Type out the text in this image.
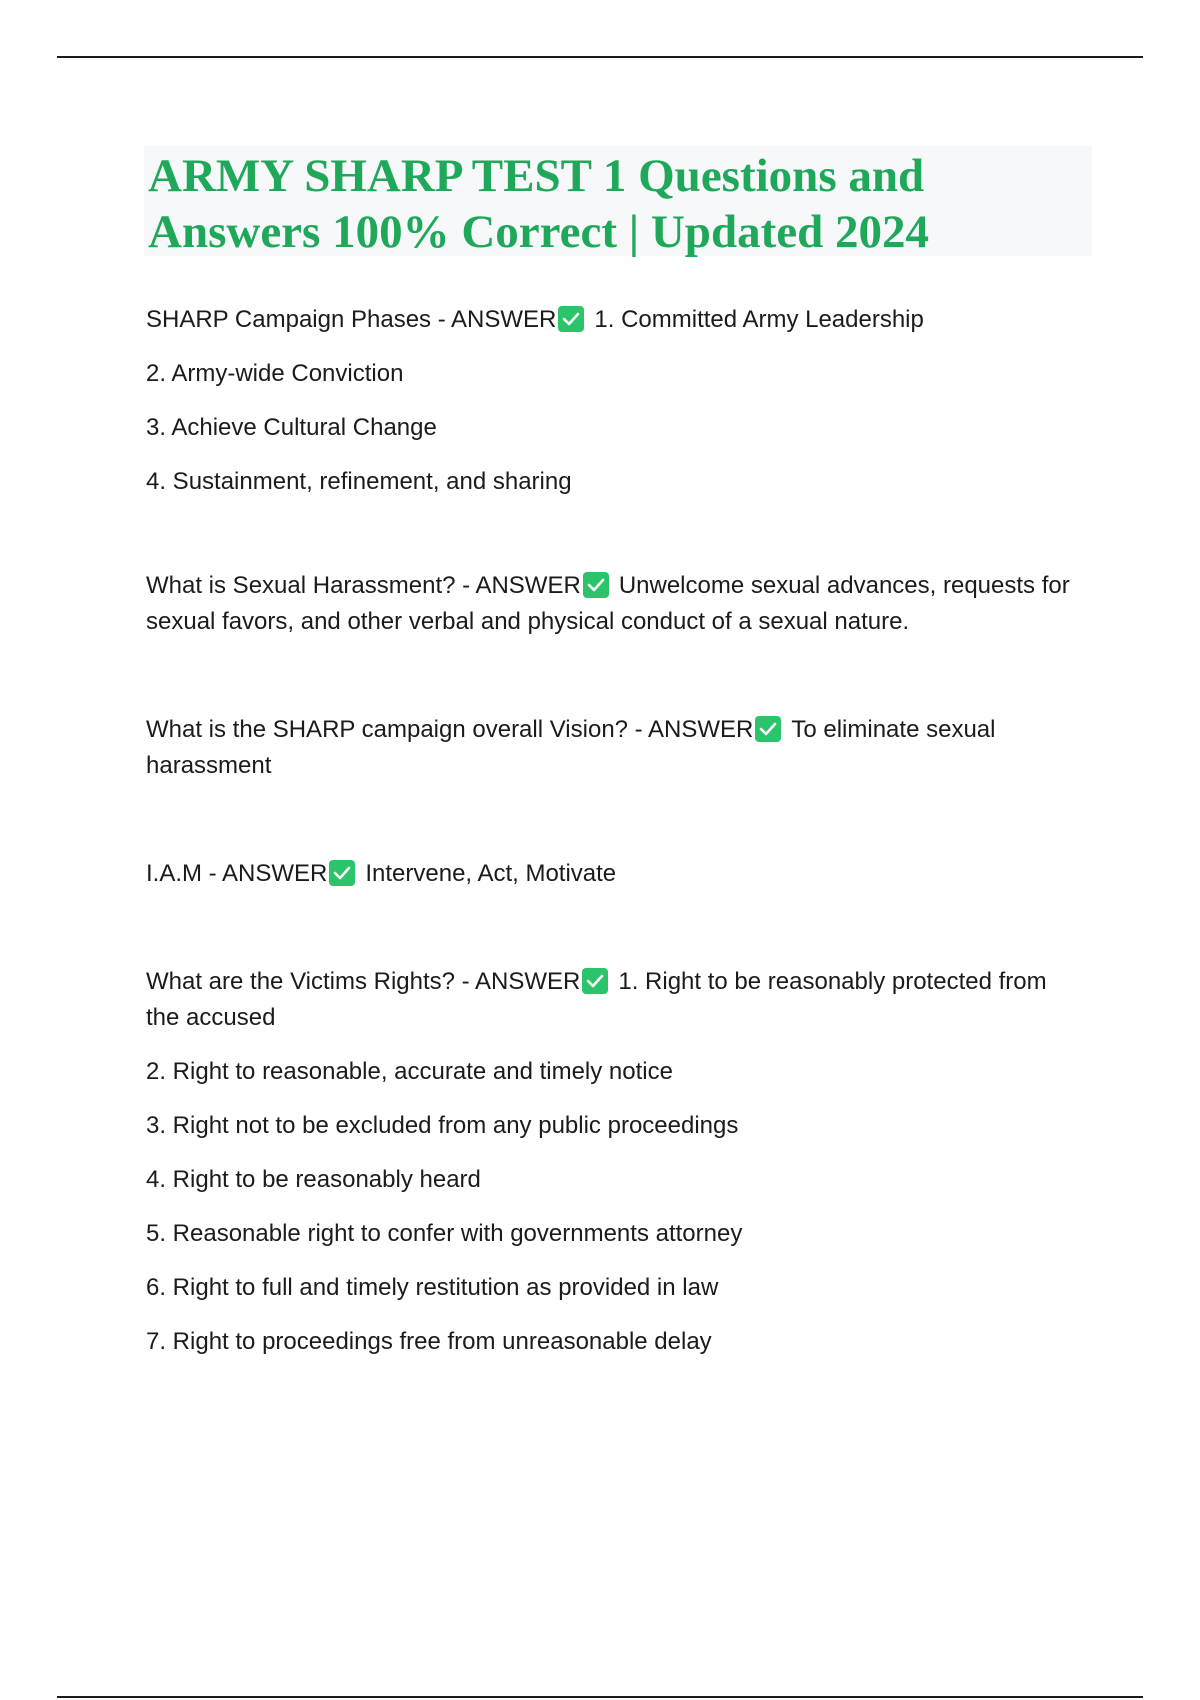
ARMY SHARP TEST 1 Questions and Answers 100% Correct | Updated 2024

SHARP Campaign Phases - ANSWER 1. Committed Army Leadership

2. Army-wide Conviction

3. Achieve Cultural Change

4. Sustainment, refinement, and sharing

What is Sexual Harassment? - ANSWER Unwelcome sexual advances, requests for sexual favors, and other verbal and physical conduct of a sexual nature.

What is the SHARP campaign overall Vision? - ANSWER To eliminate sexual harassment

I.A.M - ANSWER Intervene, Act, Motivate

What are the Victims Rights? - ANSWER 1. Right to be reasonably protected from the accused

2. Right to reasonable, accurate and timely notice

3. Right not to be excluded from any public proceedings

4. Right to be reasonably heard

5. Reasonable right to confer with governments attorney

6. Right to full and timely restitution as provided in law

7. Right to proceedings free from unreasonable delay
